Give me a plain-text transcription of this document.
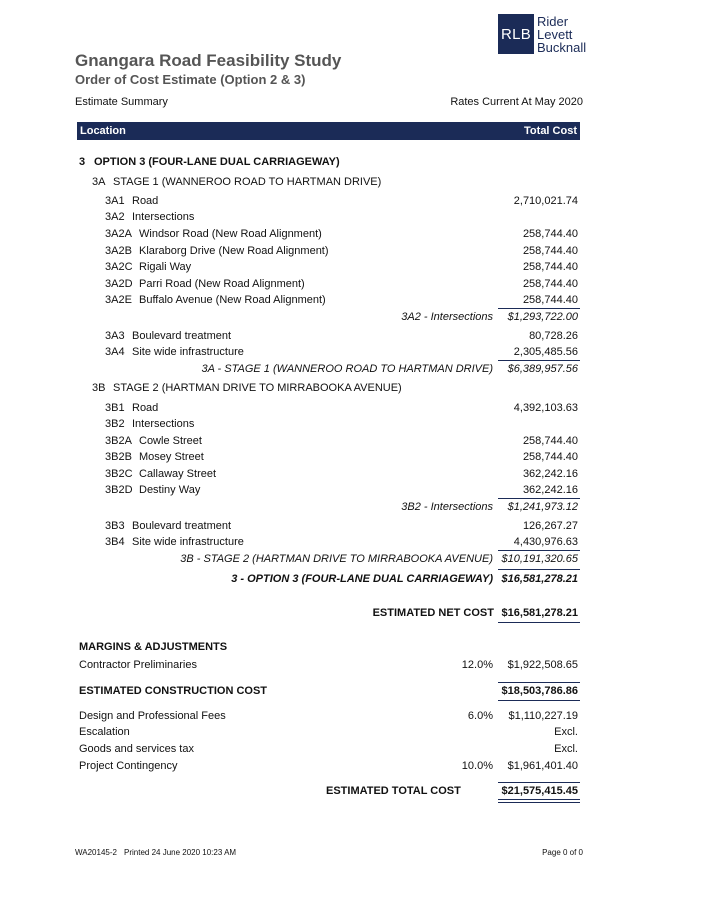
RLB
Rider
Levett
Bucknall
Gnangara Road Feasibility Study
Order of Cost Estimate (Option 2 & 3)
Estimate Summary	Rates Current At May 2020
Location	Total Cost
3 OPTION 3 (FOUR-LANE DUAL CARRIAGEWAY)
3A STAGE 1 (WANNEROO ROAD TO HARTMAN DRIVE)
3A1 Road	2,710,021.74
3A2 Intersections
3A2A Windsor Road (New Road Alignment)	258,744.40
3A2B Klaraborg Drive (New Road Alignment)	258,744.40
3A2C Rigali Way	258,744.40
3A2D Parri Road (New Road Alignment)	258,744.40
3A2E Buffalo Avenue (New Road Alignment)	258,744.40
3A2 - Intersections	$1,293,722.00
3A3 Boulevard treatment	80,728.26
3A4 Site wide infrastructure	2,305,485.56
3A - STAGE 1 (WANNEROO ROAD TO HARTMAN DRIVE)	$6,389,957.56
3B STAGE 2 (HARTMAN DRIVE TO MIRRABOOKA AVENUE)
3B1 Road	4,392,103.63
3B2 Intersections
3B2A Cowle Street	258,744.40
3B2B Mosey Street	258,744.40
3B2C Callaway Street	362,242.16
3B2D Destiny Way	362,242.16
3B2 - Intersections	$1,241,973.12
3B3 Boulevard treatment	126,267.27
3B4 Site wide infrastructure	4,430,976.63
3B - STAGE 2 (HARTMAN DRIVE TO MIRRABOOKA AVENUE) $10,191,320.65
3 - OPTION 3 (FOUR-LANE DUAL CARRIAGEWAY) $16,581,278.21
ESTIMATED NET COST $16,581,278.21
MARGINS & ADJUSTMENTS
Contractor Preliminaries	12.0%	$1,922,508.65
ESTIMATED CONSTRUCTION COST	$18,503,786.86
Design and Professional Fees	6.0%	$1,110,227.19
Escalation	Excl.
Goods and services tax	Excl.
Project Contingency	10.0%	$1,961,401.40
ESTIMATED TOTAL COST	$21,575,415.45
WA20145-2 Printed 24 June 2020 10:23 AM	Page 0 of 0
